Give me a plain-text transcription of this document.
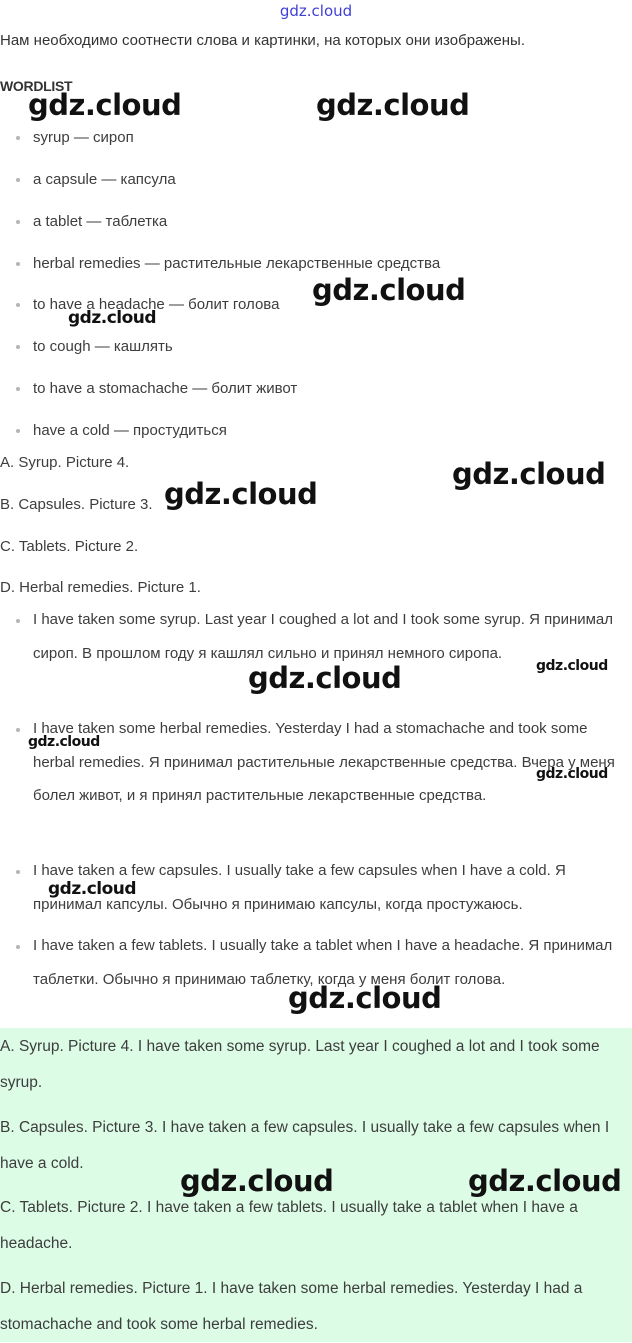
gdz.cloud
Нам необходимо соотнести слова и картинки, на которых они изображены.
WORDLIST
syrup — сироп
a capsule — капсула
a tablet — таблетка
herbal remedies — растительные лекарственные средства
to have a headache — болит голова
to cough — кашлять
to have a stomachache — болит живот
have a cold — простудиться
A. Syrup. Picture 4.
B. Capsules. Picture 3.
C. Tablets. Picture 2.
D. Herbal remedies. Picture 1.
I have taken some syrup. Last year I coughed a lot and I took some syrup. Я принимал сироп. В прошлом году я кашлял сильно и принял немного сиропа.
I have taken some herbal remedies. Yesterday I had a stomachache and took some herbal remedies. Я принимал растительные лекарственные средства. Вчера у меня болел живот, и я принял растительные лекарственные средства.
I have taken a few capsules. I usually take a few capsules when I have a cold. Я принимал капсулы. Обычно я принимаю капсулы, когда простужаюсь.
I have taken a few tablets. I usually take a tablet when I have a headache. Я принимал таблетки. Обычно я принимаю таблетку, когда у меня болит голова.
A. Syrup. Picture 4. I have taken some syrup. Last year I coughed a lot and I took some syrup.
B. Capsules. Picture 3. I have taken a few capsules. I usually take a few capsules when I have a cold.
C. Tablets. Picture 2. I have taken a few tablets. I usually take a tablet when I have a headache.
D. Herbal remedies. Picture 1. I have taken some herbal remedies. Yesterday I had a stomachache and took some herbal remedies.
gdz.cloud	gdz.cloud
gdz.cloud
gdz.cloud
gdz.cloud
gdz.cloud
gdz.cloud	gdz.cloud
gdz.cloud
gdz.cloud
gdz.cloud
gdz.cloud
gdz.cloud	gdz.cloud
